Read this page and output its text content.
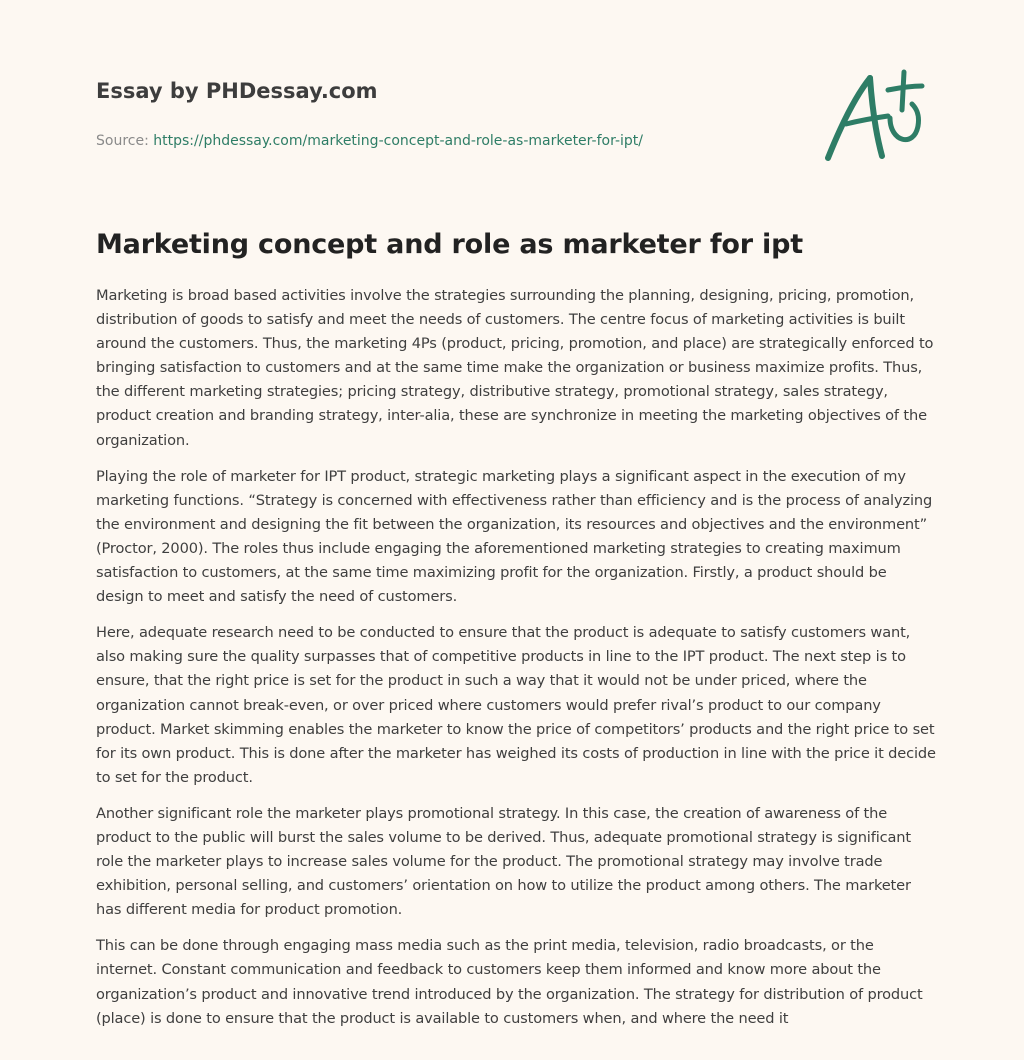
Essay by PHDessay.com
Source: https://phdessay.com/marketing-concept-and-role-as-marketer-for-ipt/
Marketing concept and role as marketer for ipt

Marketing is broad based activities involve the strategies surrounding the planning, designing, pricing, promotion, distribution of goods to satisfy and meet the needs of customers. The centre focus of marketing activities is built around the customers. Thus, the marketing 4Ps (product, pricing, promotion, and place) are strategically enforced to bringing satisfaction to customers and at the same time make the organization or business maximize profits. Thus, the different marketing strategies; pricing strategy, distributive strategy, promotional strategy, sales strategy, product creation and branding strategy, inter-alia, these are synchronize in meeting the marketing objectives of the organization.

Playing the role of marketer for IPT product, strategic marketing plays a significant aspect in the execution of my marketing functions. “Strategy is concerned with effectiveness rather than efficiency and is the process of analyzing the environment and designing the fit between the organization, its resources and objectives and the environment” (Proctor, 2000). The roles thus include engaging the aforementioned marketing strategies to creating maximum satisfaction to customers, at the same time maximizing profit for the organization. Firstly, a product should be design to meet and satisfy the need of customers.

Here, adequate research need to be conducted to ensure that the product is adequate to satisfy customers want, also making sure the quality surpasses that of competitive products in line to the IPT product. The next step is to ensure, that the right price is set for the product in such a way that it would not be under priced, where the organization cannot break-even, or over priced where customers would prefer rival’s product to our company product. Market skimming enables the marketer to know the price of competitors’ products and the right price to set for its own product. This is done after the marketer has weighed its costs of production in line with the price it decide to set for the product.

Another significant role the marketer plays promotional strategy. In this case, the creation of awareness of the product to the public will burst the sales volume to be derived. Thus, adequate promotional strategy is significant role the marketer plays to increase sales volume for the product. The promotional strategy may involve trade exhibition, personal selling, and customers’ orientation on how to utilize the product among others. The marketer has different media for product promotion.

This can be done through engaging mass media such as the print media, television, radio broadcasts, or the internet. Constant communication and feedback to customers keep them informed and know more about the organization’s product and innovative trend introduced by the organization. The strategy for distribution of product (place) is done to ensure that the product is available to customers when, and where the need it
